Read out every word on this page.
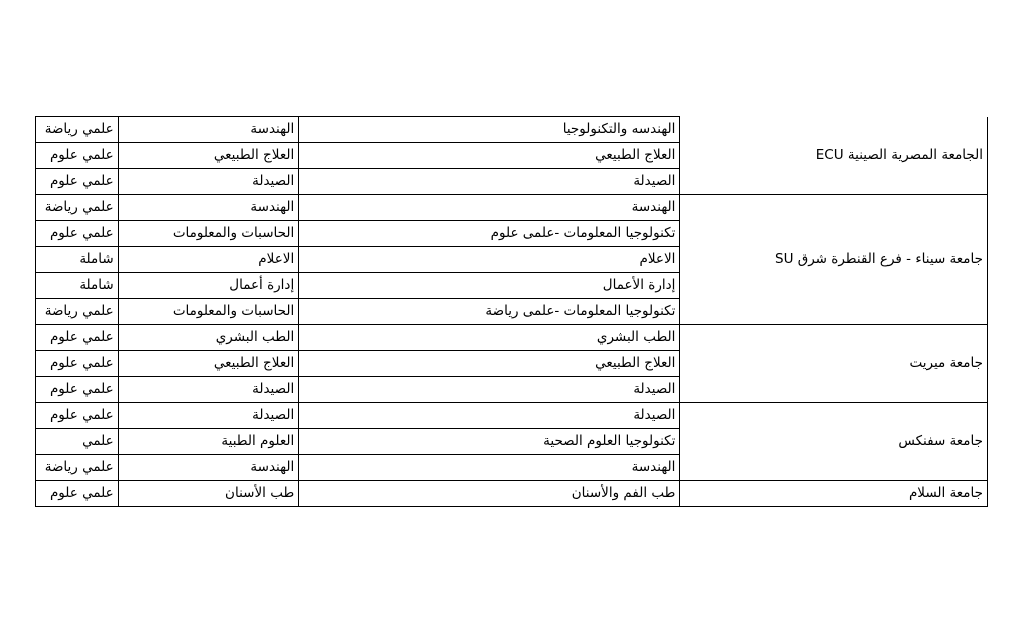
علمي رياضة	الهندسة	الهندسه والتكنولوجيا	الجامعة المصرية الصينية ECU
علمي علوم	العلاج الطبيعي	العلاج الطبيعي	
علمي علوم	الصيدلة	الصيدلة	
علمي رياضة	الهندسة	الهندسة	جامعة سيناء - فرع القنطرة شرق SU
علمي علوم	الحاسبات والمعلومات	تكنولوجيا المعلومات -علمى علوم	
شاملة	الاعلام	الاعلام	
شاملة	إدارة أعمال	إدارة الأعمال	
علمي رياضة	الحاسبات والمعلومات	تكنولوجيا المعلومات -علمى رياضة	
علمي علوم	الطب البشري	الطب البشري	جامعة ميريت
علمي علوم	العلاج الطبيعي	العلاج الطبيعي	
علمي علوم	الصيدلة	الصيدلة	
علمي علوم	الصيدلة	الصيدلة	جامعة سفنكس
علمي	العلوم الطبية	تكنولوجيا العلوم الصحية	
علمي رياضة	الهندسة	الهندسة	
علمي علوم	طب الأسنان	طب الفم والأسنان	جامعة السلام
